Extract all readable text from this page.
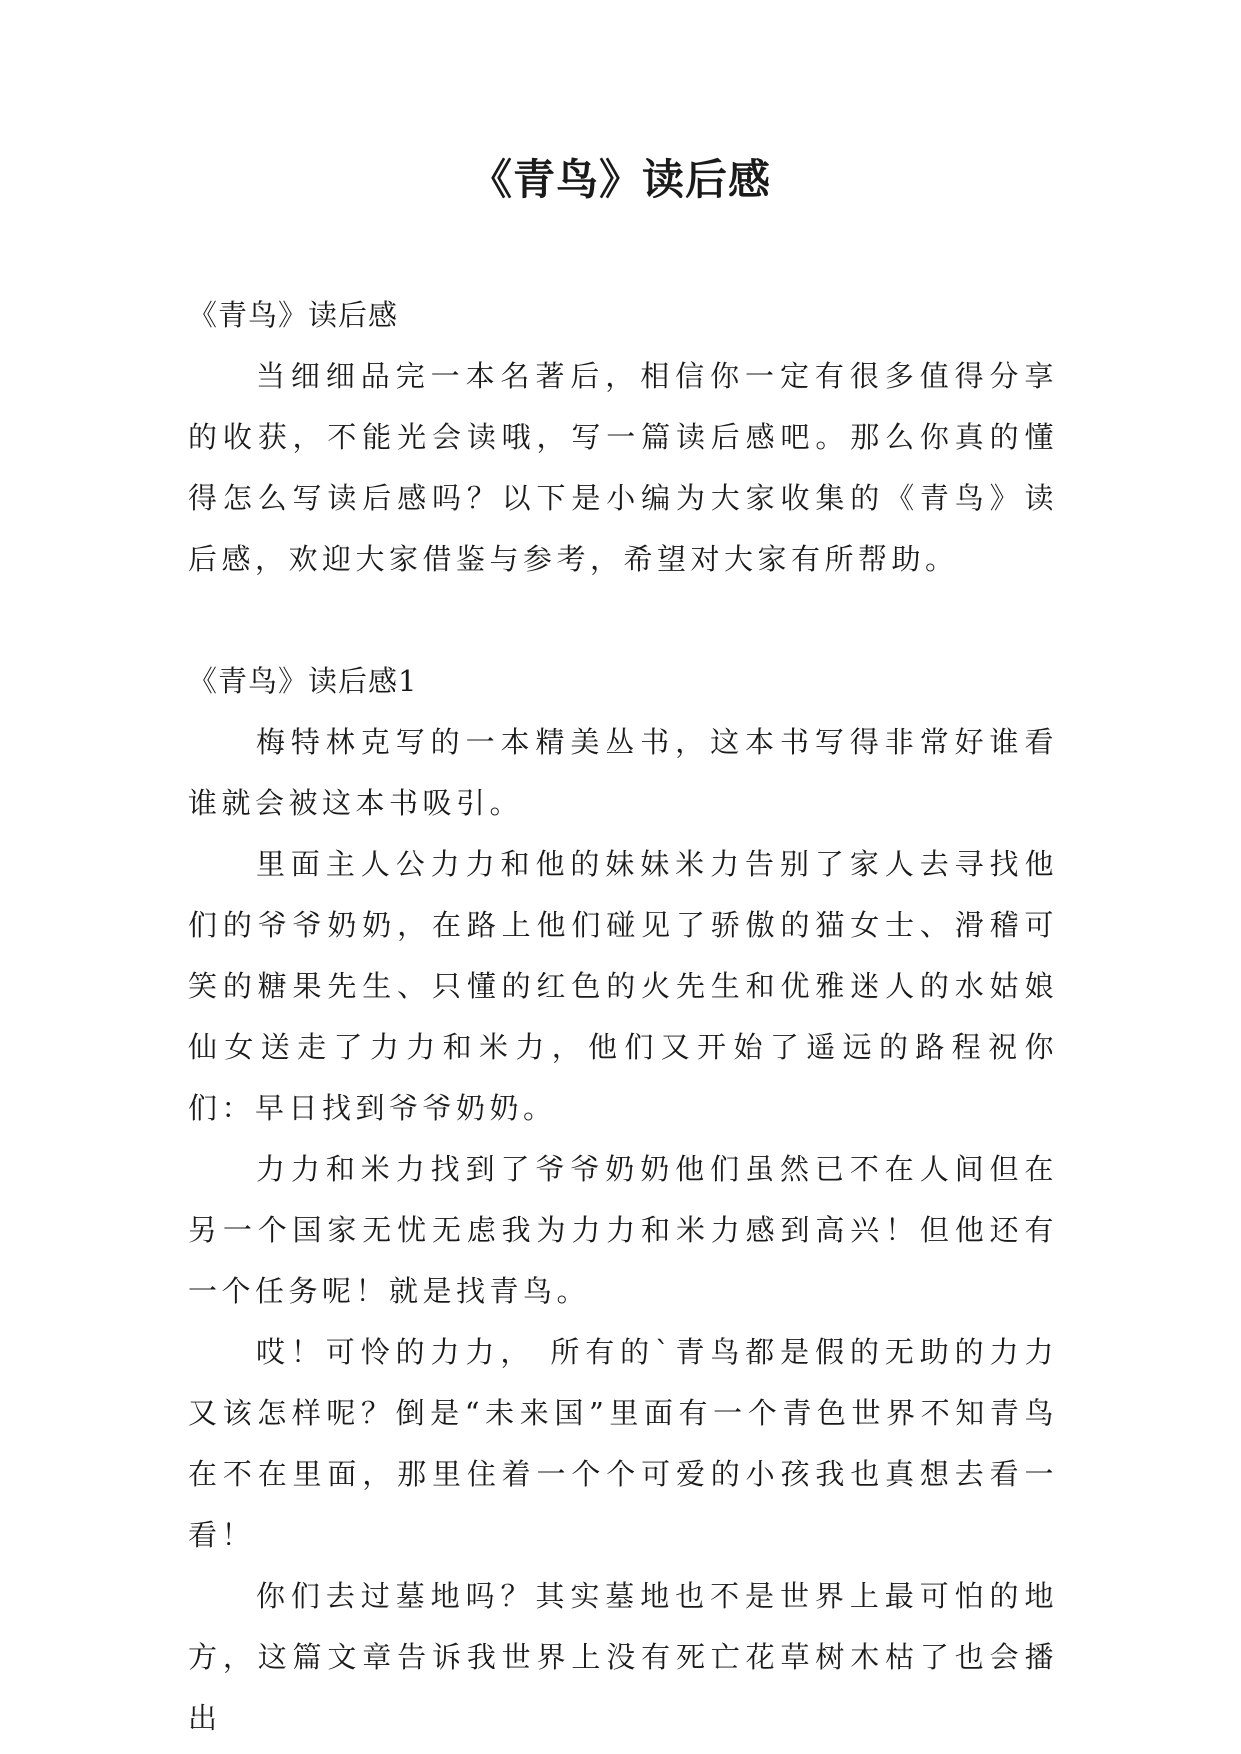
《青鸟》读后感

《青鸟》读后感

当细细品完一本名著后，相信你一定有很多值得分享的收获，不能光会读哦，写一篇读后感吧。那么你真的懂得怎么写读后感吗？以下是小编为大家收集的《青鸟》读后感，欢迎大家借鉴与参考，希望对大家有所帮助。

《青鸟》读后感1

梅特林克写的一本精美丛书，这本书写得非常好谁看谁就会被这本书吸引。

里面主人公力力和他的妹妹米力告别了家人去寻找他们的爷爷奶奶，在路上他们碰见了骄傲的猫女士、滑稽可笑的糖果先生、只懂的红色的火先生和优雅迷人的水姑娘仙女送走了力力和米力，他们又开始了遥远的路程祝你们：早日找到爷爷奶奶。

力力和米力找到了爷爷奶奶他们虽然已不在人间但在另一个国家无忧无虑我为力力和米力感到高兴！但他还有一个任务呢！就是找青鸟。

哎！可怜的力力， 所有的`青鸟都是假的无助的力力又该怎样呢？倒是“未来国”里面有一个青色世界不知青鸟在不在里面，那里住着一个个可爱的小孩我也真想去看一看！

你们去过墓地吗？其实墓地也不是世界上最可怕的地方，这篇文章告诉我世界上没有死亡花草树木枯了也会播出
